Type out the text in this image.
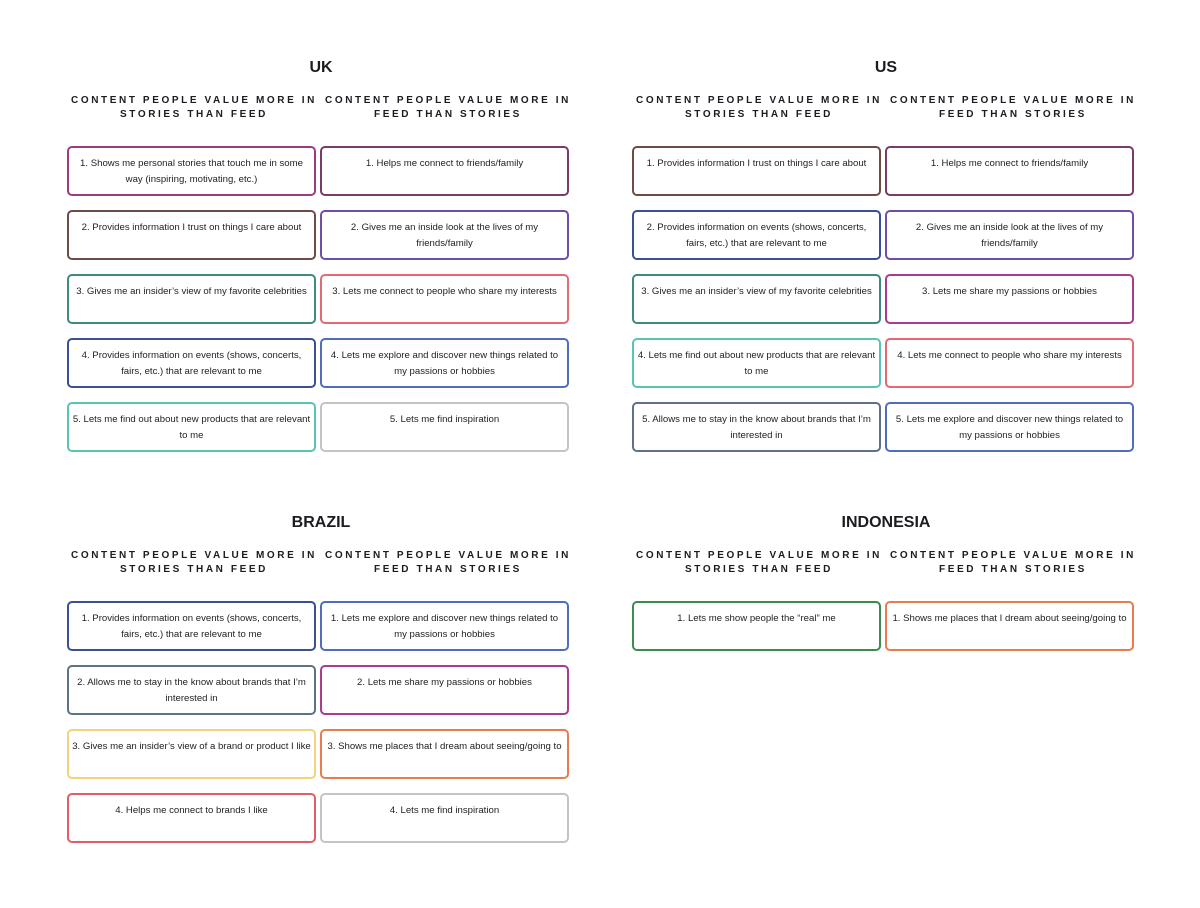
UK
CONTENT PEOPLE VALUE MORE IN STORIES THAN FEED
CONTENT PEOPLE VALUE MORE IN FEED THAN STORIES
1. Shows me personal stories that touch me in some way (inspiring, motivating, etc.)
2. Provides information I trust on things I care about
3. Gives me an insider’s view of my favorite celebrities
4. Provides information on events (shows, concerts, fairs, etc.) that are relevant to me
5. Lets me find out about new products that are relevant to me
1. Helps me connect to friends/family
2. Gives me an inside look at the lives of my friends/family
3. Lets me connect to people who share my interests
4. Lets me explore and discover new things related to my passions or hobbies
5. Lets me find inspiration
US
CONTENT PEOPLE VALUE MORE IN STORIES THAN FEED
CONTENT PEOPLE VALUE MORE IN FEED THAN STORIES
1. Provides information I trust on things I care about
2. Provides information on events (shows, concerts, fairs, etc.) that are relevant to me
3. Gives me an insider’s view of my favorite celebrities
4. Lets me find out about new products that are relevant to me
5. Allows me to stay in the know about brands that I’m interested in
1. Helps me connect to friends/family
2. Gives me an inside look at the lives of my friends/family
3. Lets me share my passions or hobbies
4. Lets me connect to people who share my interests
5. Lets me explore and discover new things related to my passions or hobbies
BRAZIL
CONTENT PEOPLE VALUE MORE IN STORIES THAN FEED
CONTENT PEOPLE VALUE MORE IN FEED THAN STORIES
1. Provides information on events (shows, concerts, fairs, etc.) that are relevant to me
2. Allows me to stay in the know about brands that I’m interested in
3. Gives me an insider’s view of a brand or product I like
4. Helps me connect to brands I like
1. Lets me explore and discover new things related to my passions or hobbies
2. Lets me share my passions or hobbies
3. Shows me places that I dream about seeing/going to
4. Lets me find inspiration
INDONESIA
CONTENT PEOPLE VALUE MORE IN STORIES THAN FEED
CONTENT PEOPLE VALUE MORE IN FEED THAN STORIES
1. Lets me show people the “real” me	1. Shows me places that I dream about seeing/going to
